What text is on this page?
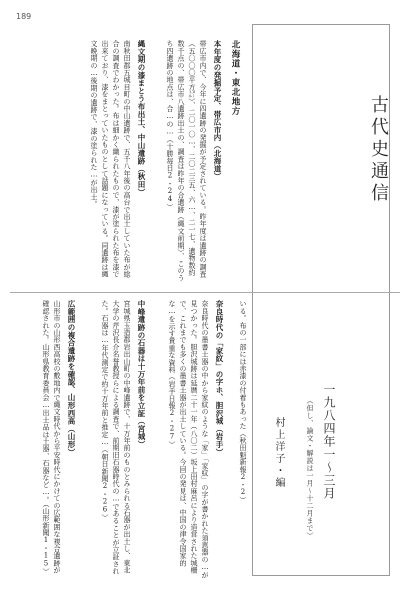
189
古代史通信
一九八四年一〜三月
（但し、論文・解説は一月〜十二月まで）
村上洋子・編
北海道・東北地方
本年度の発掘予定、帯広市内（北海道）
帯広市内で、今年に四遺跡の発掘が予定されている。昨年度は遺跡の調査（五〇〇〇平方㍍）、二〇一〇…、二〇二三五、六…、二一七、遺物数約数千点の、帯広市八遺跡出土の、調査は昨年の合遺跡（縄文前期）、このうち四遺跡の地点は、合…の…（十勝毎日2・24）
縄文期の漆まとう布出土、中山遺跡（秋田）
南秋田郡五城目町の中山遺跡で、五千八年後の高台で出土していた布が総合の調査でわかった。布は細かく織られたもので、漆が塗られた布を漆で出来ており、漆をまとっていたものとして話題になっている。同遺跡は縄文晩期の…後期の遺跡で、漆の塗られた…が出土。
いる。布の一部には赤漆の付着もあった（秋田魁新報2・2）
奈良時代の「家紋」の字ホ、胆沢城（岩手）
奈良時代の墨書土器の中から家紋のような「家」「家紋」の字が書かれた須恵器の…が見つかった。胆沢城跡は延暦二十一年（八〇二）坂上田村麻呂により造営された城柵で、これまでも多くの墨書土器が出土している。今回の発見は、中国の律令国家的な…を示す貴重な資料（岩手日報2・27）
中峰遺跡の石器は十万年前を立証（宮城）
宮城県玉造郡岩出山町の中峰遺跡で、十万年前のものとみられる石器が出土し、東北大学の芹沢長介名誉教授らによる調査で、前期旧石器時代の…であることが立証された。石器は…年代測定で約十万年前と推定…（朝日新聞2・26）
広範囲の複合遺跡を確認、山形西高（山形）
山形市の山形西高校の敷地内で縄文時代から平安時代にかけての広範囲な複合遺跡が確認された。山形県教育委員会…出土品は土器、石器など…。（山形新聞1・15）
